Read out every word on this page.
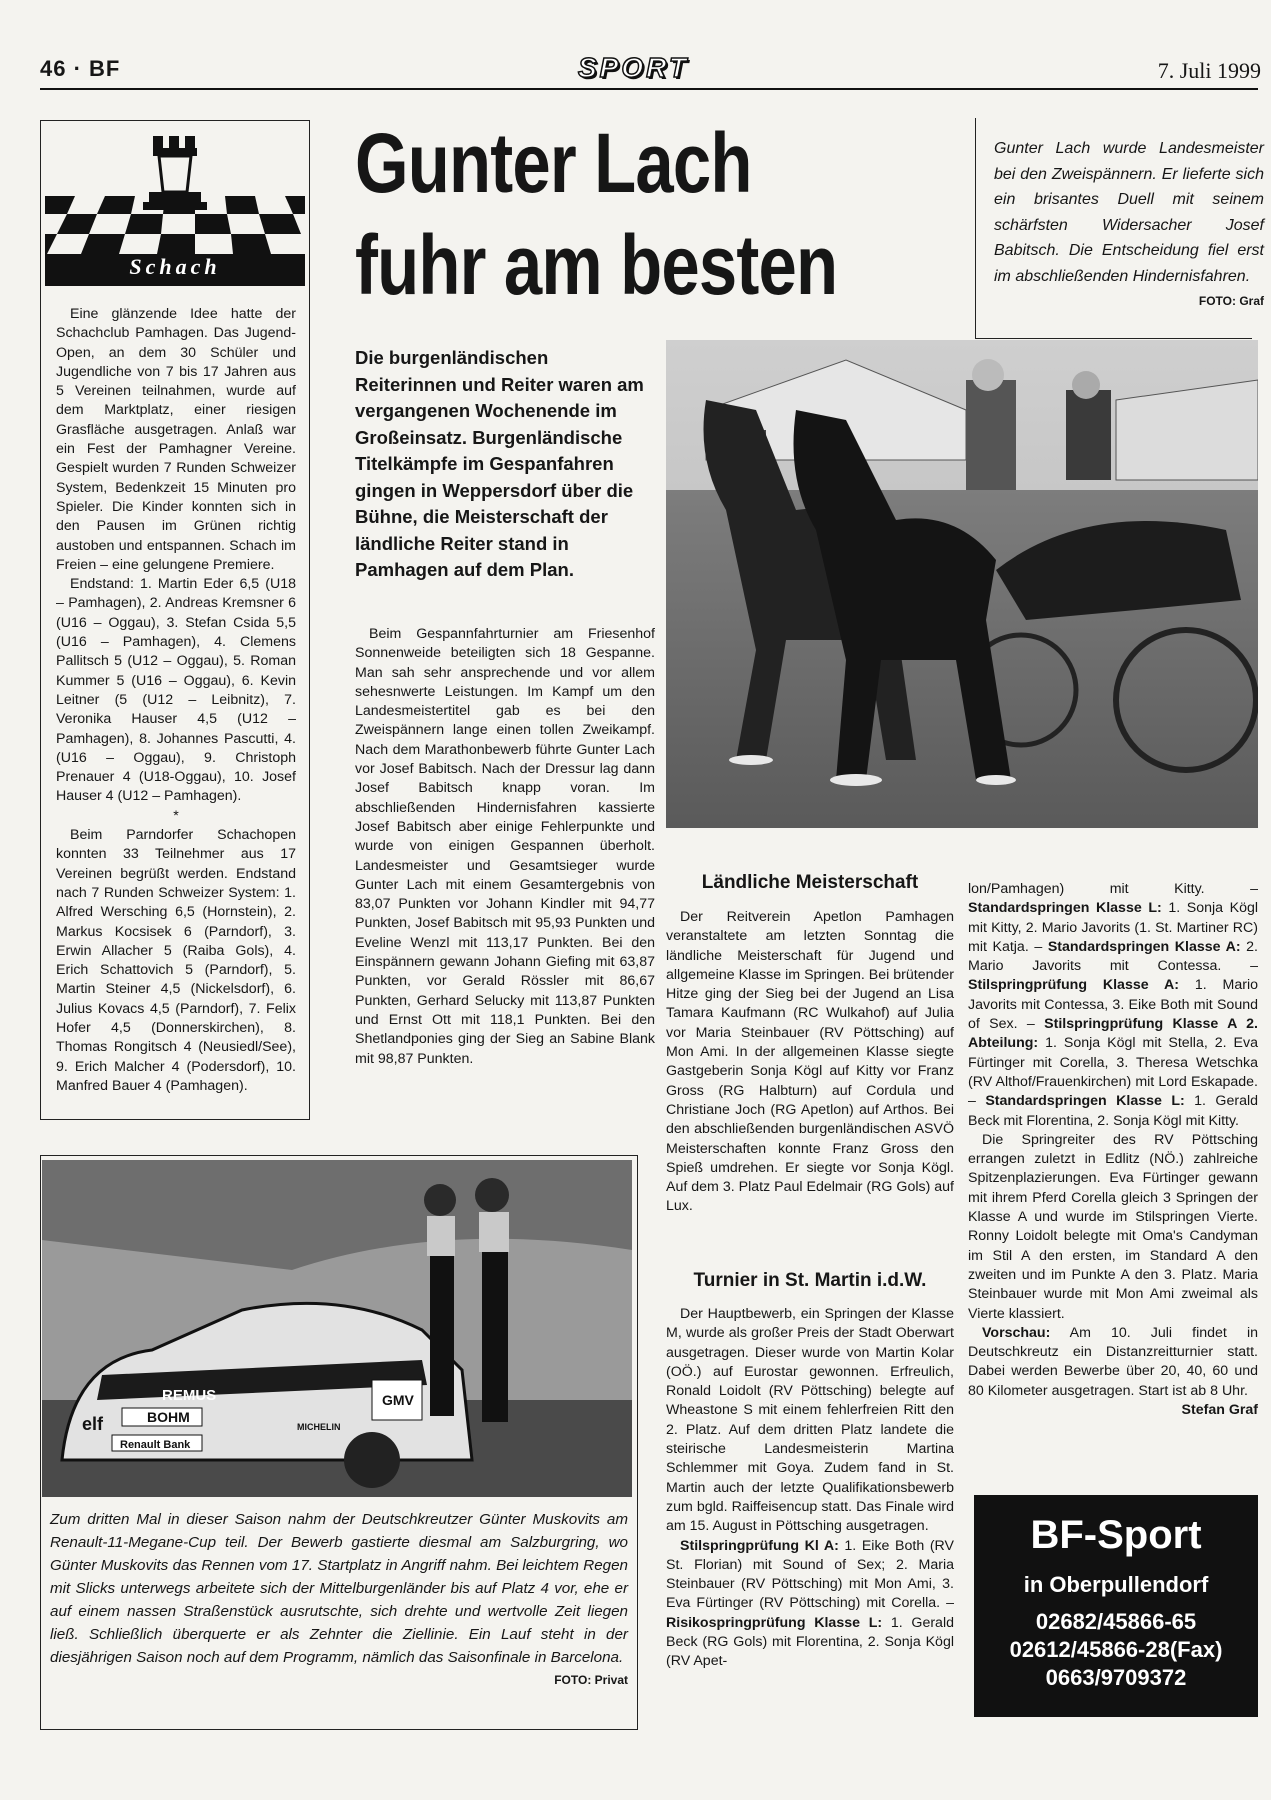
46 · BF	SPORT	7. Juli 1999
Schach

Eine glänzende Idee hatte der Schachclub Pamhagen. Das Jugend-Open, an dem 30 Schüler und Jugendliche von 7 bis 17 Jahren aus 5 Vereinen teilnahmen, wurde auf dem Marktplatz, einer riesigen Grasfläche ausgetragen. Anlaß war ein Fest der Pamhagner Vereine. Gespielt wurden 7 Runden Schweizer System, Bedenkzeit 15 Minuten pro Spieler. Die Kinder konnten sich in den Pausen im Grünen richtig austoben und entspannen. Schach im Freien – eine gelungene Premiere.

Endstand: 1. Martin Eder 6,5 (U18 – Pamhagen), 2. Andreas Kremsner 6 (U16 – Oggau), 3. Stefan Csida 5,5 (U16 – Pamhagen), 4. Clemens Pallitsch 5 (U12 – Oggau), 5. Roman Kummer 5 (U16 – Oggau), 6. Kevin Leitner (5 (U12 – Leibnitz), 7. Veronika Hauser 4,5 (U12 – Pamhagen), 8. Johannes Pascutti, 4. (U16 – Oggau), 9. Christoph Prenauer 4 (U18-Oggau), 10. Josef Hauser 4 (U12 – Pamhagen).

*

Beim Parndorfer Schachopen konnten 33 Teilnehmer aus 17 Vereinen begrüßt werden. Endstand nach 7 Runden Schweizer System: 1. Alfred Wersching 6,5 (Hornstein), 2. Markus Kocsisek 6 (Parndorf), 3. Erwin Allacher 5 (Raiba Gols), 4. Erich Schattovich 5 (Parndorf), 5. Martin Steiner 4,5 (Nickelsdorf), 6. Julius Kovacs 4,5 (Parndorf), 7. Felix Hofer 4,5 (Donnerskirchen), 8. Thomas Rongitsch 4 (Neusiedl/See), 9. Erich Malcher 4 (Podersdorf), 10. Manfred Bauer 4 (Pamhagen).

Gunter Lach
fuhr am besten

Gunter Lach wurde Landesmeister bei den Zweispännern. Er lieferte sich ein brisantes Duell mit seinem schärfsten Widersacher Josef Babitsch. Die Entscheidung fiel erst im abschließenden Hindernisfahren.
FOTO: Graf

Die burgenländischen Reiterinnen und Reiter waren am vergangenen Wochenende im Großeinsatz. Burgenländische Titelkämpfe im Gespanfahren gingen in Weppersdorf über die Bühne, die Meisterschaft der ländliche Reiter stand in Pamhagen auf dem Plan.

Beim Gespannfahrturnier am Friesenhof Sonnenweide beteiligten sich 18 Gespanne. Man sah sehr ansprechende und vor allem sehesnwerte Leistungen. Im Kampf um den Landesmeistertitel gab es bei den Zweispännern lange einen tollen Zweikampf. Nach dem Marathonbewerb führte Gunter Lach vor Josef Babitsch. Nach der Dressur lag dann Josef Babitsch knapp voran. Im abschließenden Hindernisfahren kassierte Josef Babitsch aber einige Fehlerpunkte und wurde von einigen Gespannen überholt. Landesmeister und Gesamtsieger wurde Gunter Lach mit einem Gesamtergebnis von 83,07 Punkten vor Johann Kindler mit 94,77 Punkten, Josef Babitsch mit 95,93 Punkten und Eveline Wenzl mit 113,17 Punkten. Bei den Einspännern gewann Johann Giefing mit 63,87 Punkten, vor Gerald Rössler mit 86,67 Punkten, Gerhard Selucky mit 113,87 Punkten und Ernst Ott mit 118,1 Punkten. Bei den Shetlandponies ging der Sieg an Sabine Blank mit 98,87 Punkten.

Ländliche Meisterschaft

Der Reitverein Apetlon Pamhagen veranstaltete am letzten Sonntag die ländliche Meisterschaft für Jugend und allgemeine Klasse im Springen. Bei brütender Hitze ging der Sieg bei der Jugend an Lisa Tamara Kaufmann (RC Wulkahof) auf Julia vor Maria Steinbauer (RV Pöttsching) auf Mon Ami. In der allgemeinen Klasse siegte Gastgeberin Sonja Kögl auf Kitty vor Franz Gross (RG Halbturn) auf Cordula und Christiane Joch (RG Apetlon) auf Arthos. Bei den abschließenden burgenländischen ASVÖ Meisterschaften konnte Franz Gross den Spieß umdrehen. Er siegte vor Sonja Kögl. Auf dem 3. Platz Paul Edelmair (RG Gols) auf Lux.

Turnier in St. Martin i.d.W.

Der Hauptbewerb, ein Springen der Klasse M, wurde als großer Preis der Stadt Oberwart ausgetragen. Dieser wurde von Martin Kolar (OÖ.) auf Eurostar gewonnen. Erfreulich, Ronald Loidolt (RV Pöttsching) belegte auf Wheastone S mit einem fehlerfreien Ritt den 2. Platz. Auf dem dritten Platz landete die steirische Landesmeisterin Martina Schlemmer mit Goya. Zudem fand in St. Martin auch der letzte Qualifikationsbewerb zum bgld. Raiffeisencup statt. Das Finale wird am 15. August in Pöttsching ausgetragen.

Stilspringprüfung Kl A: 1. Eike Both (RV St. Florian) mit Sound of Sex; 2. Maria Steinbauer (RV Pöttsching) mit Mon Ami, 3. Eva Fürtinger (RV Pöttsching) mit Corella. – Risikospringprüfung Klasse L: 1. Gerald Beck (RG Gols) mit Florentina, 2. Sonja Kögl (RV Apet-

lon/Pamhagen) mit Kitty. – Standardspringen Klasse L: 1. Sonja Kögl mit Kitty, 2. Mario Javorits (1. St. Martiner RC) mit Katja. – Standardspringen Klasse A: 2. Mario Javorits mit Contessa. – Stilspringprüfung Klasse A: 1. Mario Javorits mit Contessa, 3. Eike Both mit Sound of Sex. – Stilspringprüfung Klasse A 2. Abteilung: 1. Sonja Kögl mit Stella, 2. Eva Fürtinger mit Corella, 3. Theresa Wetschka (RV Althof/Frauenkirchen) mit Lord Eskapade. – Standardspringen Klasse L: 1. Gerald Beck mit Florentina, 2. Sonja Kögl mit Kitty.

Die Springreiter des RV Pöttsching errangen zuletzt in Edlitz (NÖ.) zahlreiche Spitzenplazierungen. Eva Fürtinger gewann mit ihrem Pferd Corella gleich 3 Springen der Klasse A und wurde im Stilspringen Vierte. Ronny Loidolt belegte mit Oma's Candyman im Stil A den ersten, im Standard A den zweiten und im Punkte A den 3. Platz. Maria Steinbauer wurde mit Mon Ami zweimal als Vierte klassiert.

Vorschau: Am 10. Juli findet in Deutschkreutz ein Distanzreitturnier statt. Dabei werden Bewerbe über 20, 40, 60 und 80 Kilometer ausgetragen. Start ist ab 8 Uhr.
Stefan Graf

BOHM
elf
REMUS	GMV
Renault Bank
MICHELIN
Zum dritten Mal in dieser Saison nahm der Deutschkreutzer Günter Muskovits am Renault-11-Megane-Cup teil. Der Bewerb gastierte diesmal am Salzburgring, wo Günter Muskovits das Rennen vom 17. Startplatz in Angriff nahm. Bei leichtem Regen mit Slicks unterwegs arbeitete sich der Mittelburgenländer bis auf Platz 4 vor, ehe er auf einem nassen Straßenstück ausrutschte, sich drehte und wertvolle Zeit liegen ließ. Schließlich überquerte er als Zehnter die Ziellinie. Ein Lauf steht in der diesjährigen Saison noch auf dem Programm, nämlich das Saisonfinale in Barcelona.
FOTO: Privat
BF-Sport
in Oberpullendorf
02682/45866-65
02612/45866-28(Fax)
0663/9709372
